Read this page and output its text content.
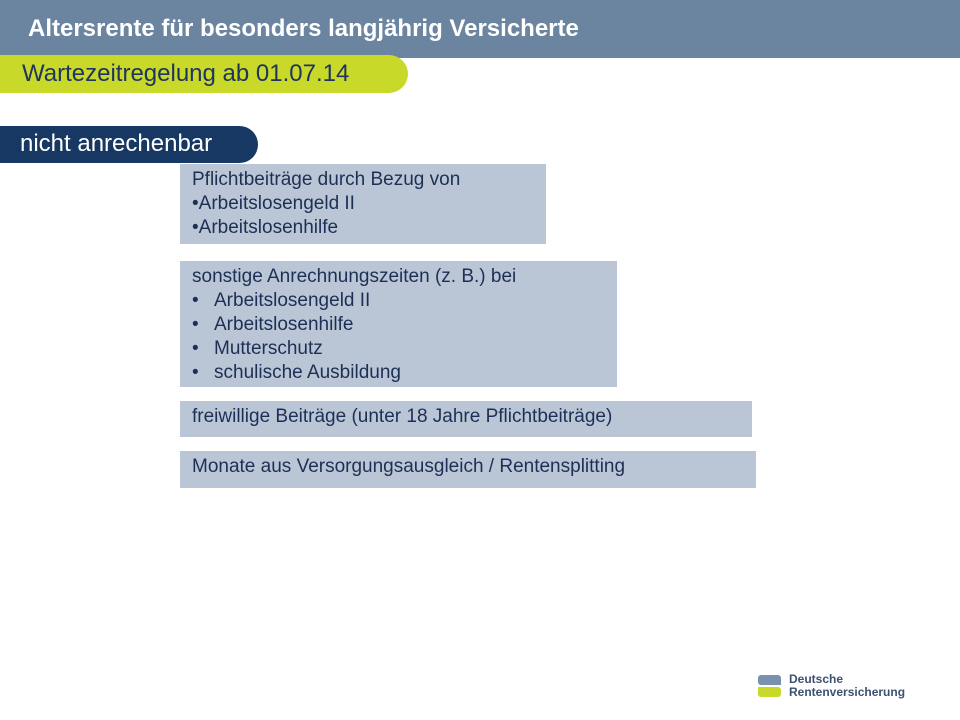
Altersrente für besonders langjährig Versicherte
Wartezeitregelung ab 01.07.14
nicht anrechenbar
Pflichtbeiträge durch Bezug von
•Arbeitslosengeld II
•Arbeitslosenhilfe
sonstige Anrechnungszeiten (z. B.) bei
• Arbeitslosengeld II
• Arbeitslosenhilfe
• Mutterschutz
• schulische Ausbildung
freiwillige Beiträge (unter 18 Jahre Pflichtbeiträge)
Monate aus Versorgungsausgleich / Rentensplitting
Deutsche
Rentenversicherung
